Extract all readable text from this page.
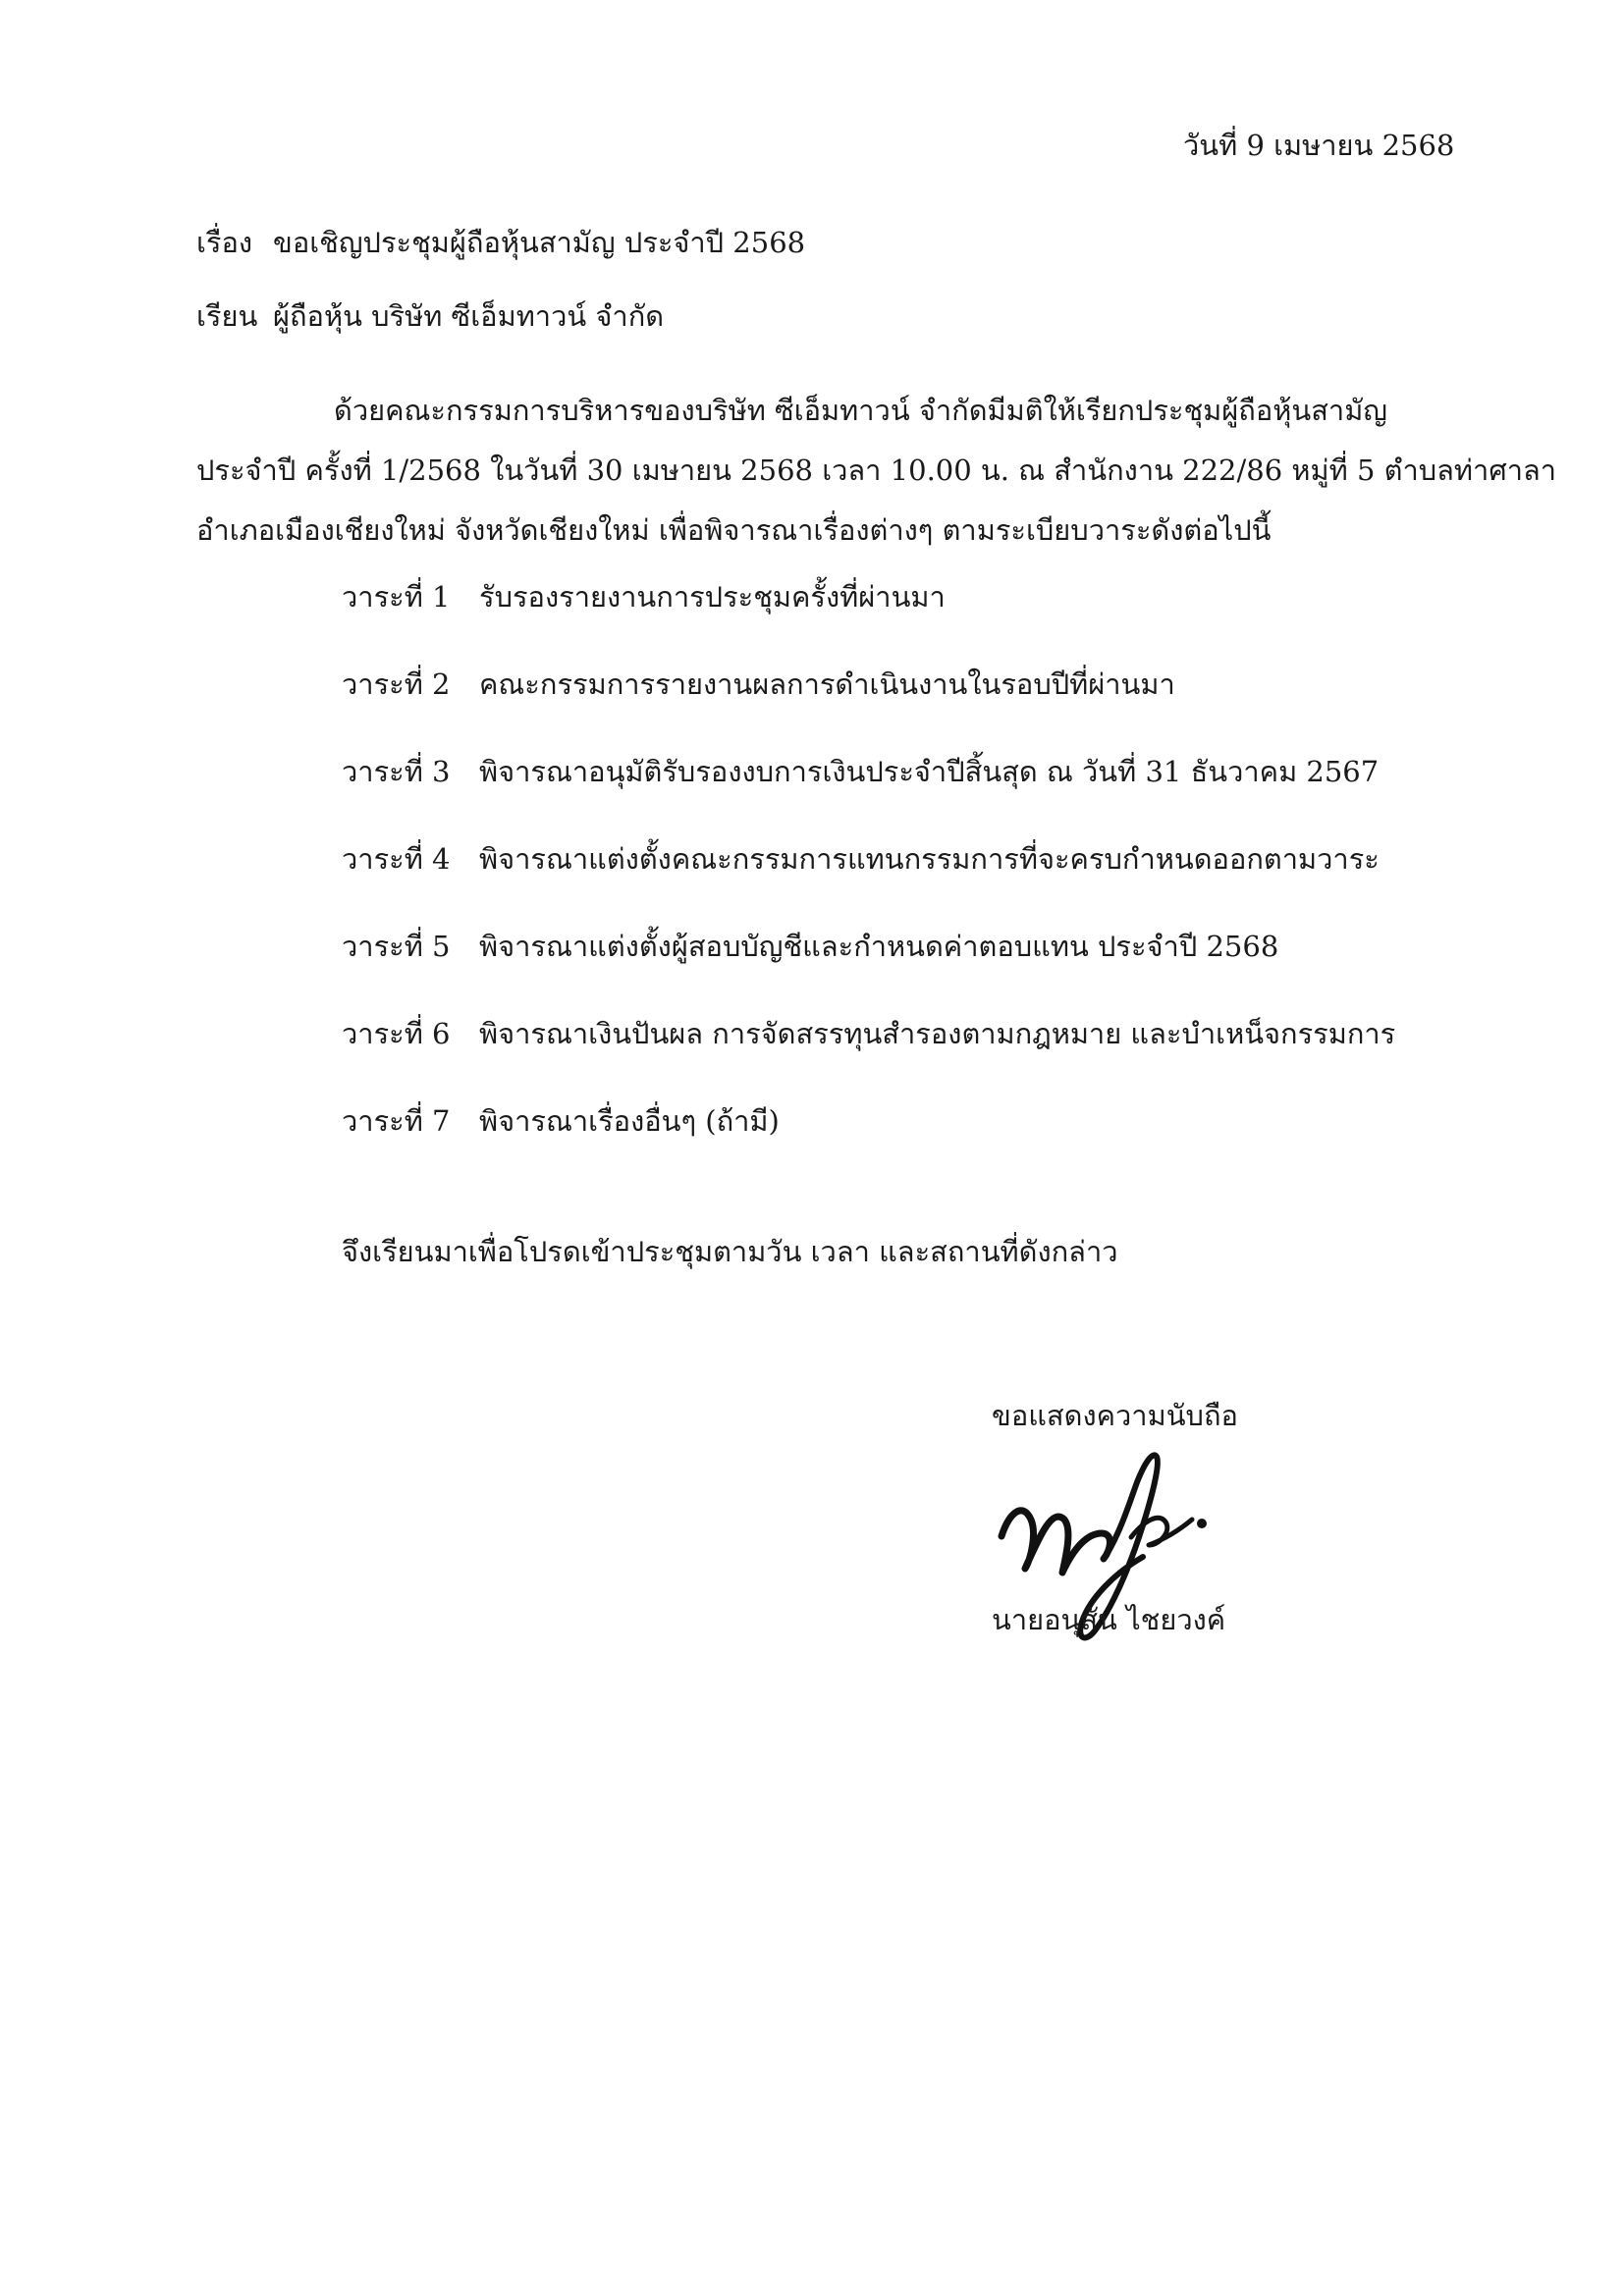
วันที่ 9 เมษายน 2568
เรื่อง ขอเชิญประชุมผู้ถือหุ้นสามัญ ประจำปี 2568
เรียน ผู้ถือหุ้น บริษัท ซีเอ็มทาวน์ จำกัด
ด้วยคณะกรรมการบริหารของบริษัท ซีเอ็มทาวน์ จำกัดมีมติให้เรียกประชุมผู้ถือหุ้นสามัญ
ประจำปี ครั้งที่ 1/2568 ในวันที่ 30 เมษายน 2568 เวลา 10.00 น. ณ สำนักงาน 222/86 หมู่ที่ 5 ตำบลท่าศาลา
อำเภอเมืองเชียงใหม่ จังหวัดเชียงใหม่ เพื่อพิจารณาเรื่องต่างๆ ตามระเบียบวาระดังต่อไปนี้
วาระที่ 1 รับรองรายงานการประชุมครั้งที่ผ่านมา
วาระที่ 2 คณะกรรมการรายงานผลการดำเนินงานในรอบปีที่ผ่านมา
วาระที่ 3 พิจารณาอนุมัติรับรองงบการเงินประจำปีสิ้นสุด ณ วันที่ 31 ธันวาคม 2567
วาระที่ 4 พิจารณาแต่งตั้งคณะกรรมการแทนกรรมการที่จะครบกำหนดออกตามวาระ
วาระที่ 5 พิจารณาแต่งตั้งผู้สอบบัญชีและกำหนดค่าตอบแทน ประจำปี 2568
วาระที่ 6 พิจารณาเงินปันผล การจัดสรรทุนสำรองตามกฎหมาย และบำเหน็จกรรมการ
วาระที่ 7 พิจารณาเรื่องอื่นๆ (ถ้ามี)
จึงเรียนมาเพื่อโปรดเข้าประชุมตามวัน เวลา และสถานที่ดังกล่าว
ขอแสดงความนับถือ
นายอนุสัน ไชยวงค์
